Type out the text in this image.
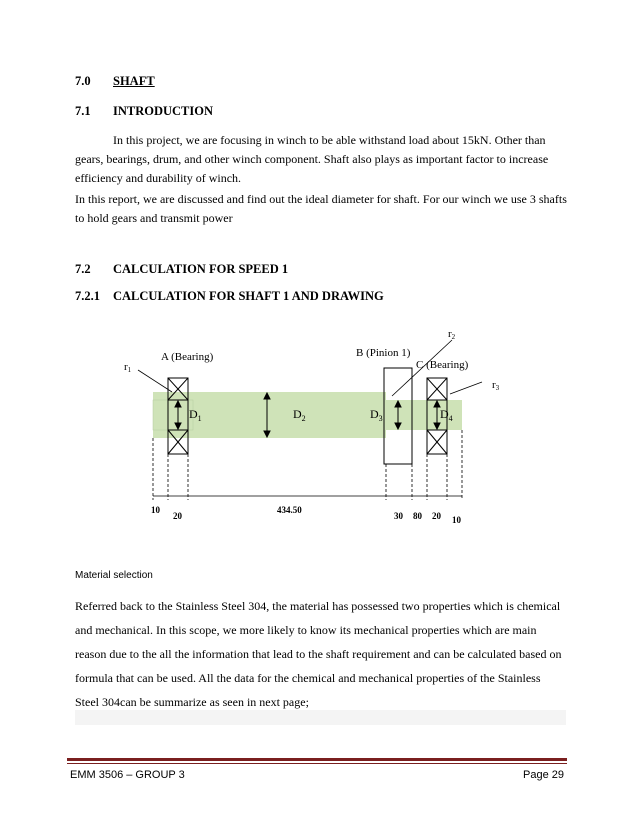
7.0 SHAFT
7.1 INTRODUCTION
In this project, we are focusing in winch to be able withstand load about 15kN. Other than gears, bearings, drum, and other winch component. Shaft also plays as important factor to increase efficiency and durability of winch.
In this report, we are discussed and find out the ideal diameter for shaft. For our winch we use 3 shafts to hold gears and transmit power
7.2 CALCULATION FOR SPEED 1
7.2.1 CALCULATION FOR SHAFT 1 AND DRAWING
r1
A (Bearing)	B (Pinion 1)
r2
C (Bearing)
r3
$D_1$	$D_2$	$D_3$	$D_4$
10
20
434.50
30 80 20 10
Material selection
Referred back to the Stainless Steel 304, the material has possessed two properties which is chemical and mechanical. In this scope, we more likely to know its mechanical properties which are main reason due to the all the information that lead to the shaft requirement and can be calculated based on formula that can be used. All the data for the chemical and mechanical properties of the Stainless Steel 304can be summarize as seen in next page;
EMM 3506 – GROUP 3	Page 29
